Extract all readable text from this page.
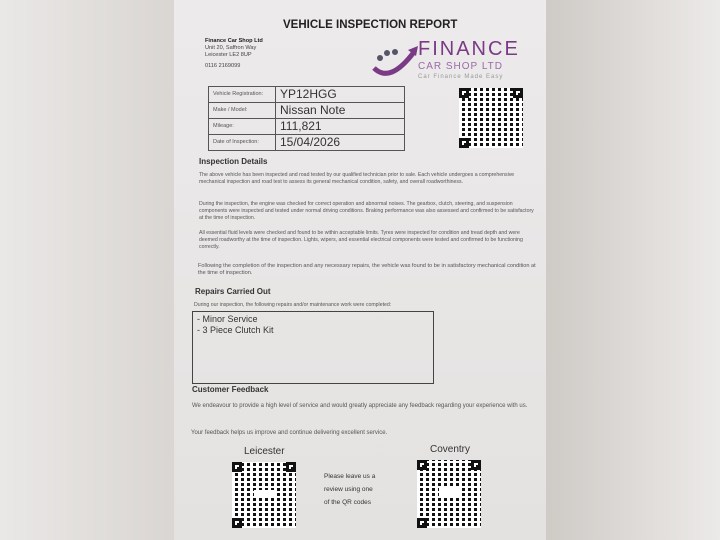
VEHICLE INSPECTION REPORT
Finance Car Shop Ltd
Unit 20, Saffron Way
Leicester LE2 8UP
0116 2169099
FINANCE
CAR SHOP LTD
Car Finance Made Easy
Vehicle Registration:	YP12HGG
Make / Model:	Nissan Note
Mileage:	111,821
Date of Inspection:	15/04/2026
Inspection Details
The above vehicle has been inspected and road tested by our qualified technician prior to sale. Each vehicle undergoes a comprehensive mechanical inspection and road test to assess its general mechanical condition, safety, and overall roadworthiness.
During the inspection, the engine was checked for correct operation and abnormal noises. The gearbox, clutch, steering, and suspension components were inspected and tested under normal driving conditions. Braking performance was also assessed and confirmed to be satisfactory at the time of inspection.
All essential fluid levels were checked and found to be within acceptable limits. Tyres were inspected for condition and tread depth and were deemed roadworthy at the time of inspection. Lights, wipers, and essential electrical components were tested and confirmed to be functioning correctly.
Following the completion of the inspection and any necessary repairs, the vehicle was found to be in satisfactory mechanical condition at the time of inspection.
Repairs Carried Out
During our inspection, the following repairs and/or maintenance work were completed:
- Minor Service
- 3 Piece Clutch Kit
Customer Feedback
We endeavour to provide a high level of service and would greatly appreciate any feedback regarding your experience with us.
Your feedback helps us improve and continue delivering excellent service.
Leicester
Please leave us a
review using one
of the QR codes
Coventry
